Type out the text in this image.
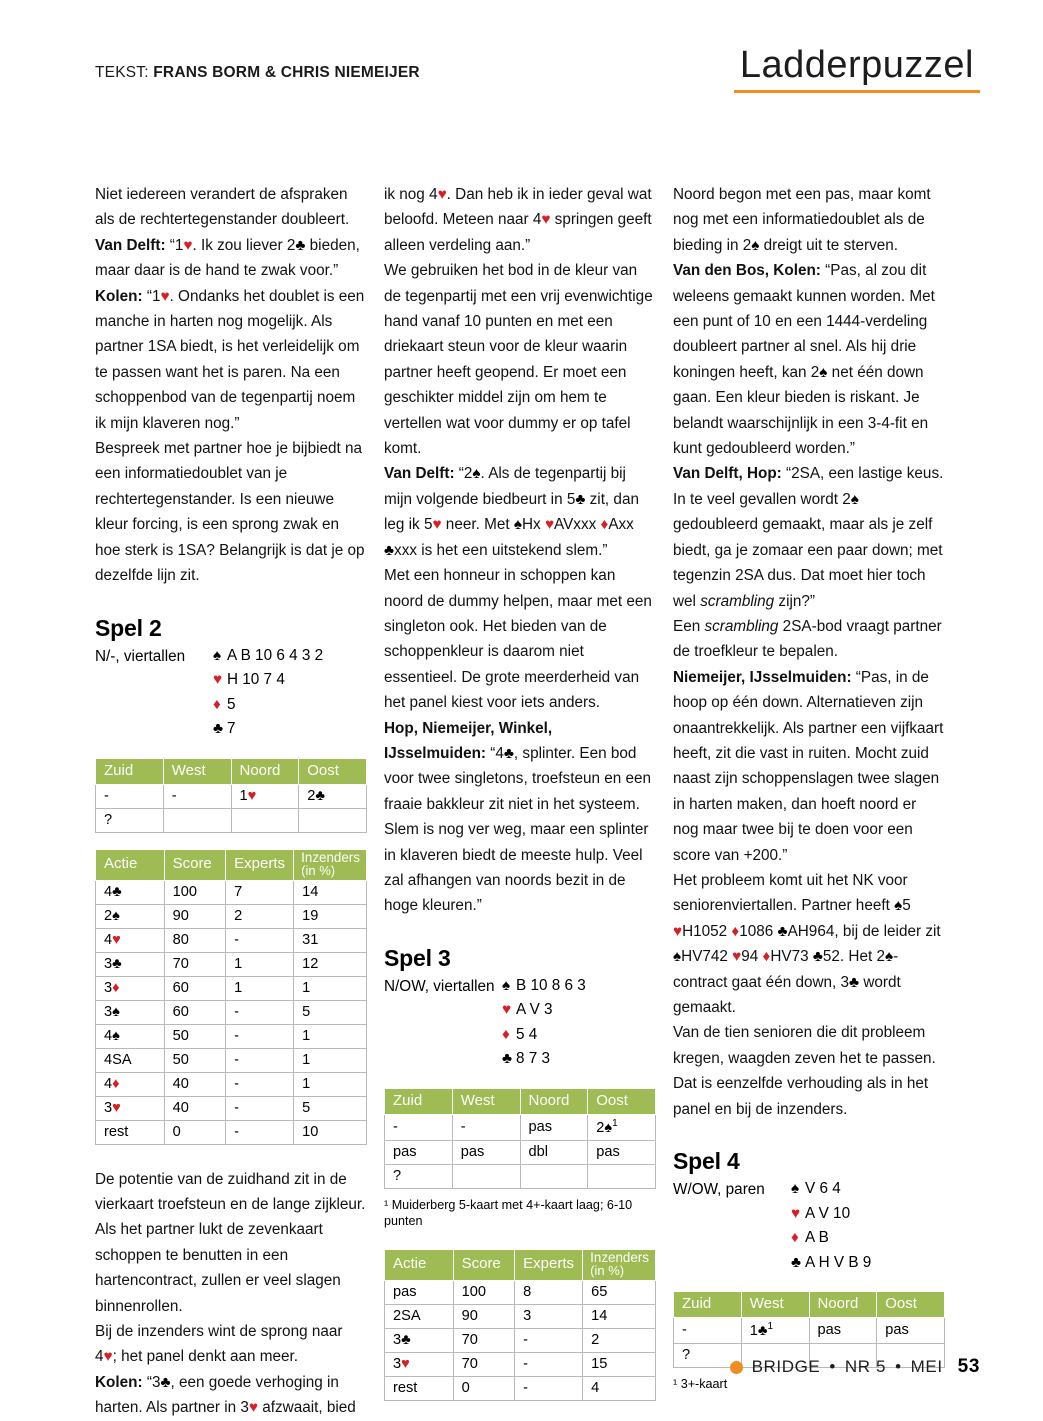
TEKST: FRANS BORM & CHRIS NIEMEIJER	Ladderpuzzel

Niet iedereen verandert de afspraken als de rechtertegenstander doubleert.

Van Delft: “1♥. Ik zou liever 2♣ bieden, maar daar is de hand te zwak voor.”

Kolen: “1♥. Ondanks het doublet is een manche in harten nog mogelijk. Als partner 1SA biedt, is het verleidelijk om te passen want het is paren. Na een schoppenbod van de tegenpartij noem ik mijn klaveren nog.”

Bespreek met partner hoe je bijbiedt na een informatiedoublet van je rechtertegenstander. Is een nieuwe kleur forcing, is een sprong zwak en hoe sterk is 1SA? Belangrijk is dat je op dezelfde lijn zit.

Spel 2
N/-, viertallen	♠ A B 10 6 4 3 2
♥ H 10 7 4
♦ 5
♣ 7
Zuid	West	Noord	Oost
-	-	1♥	2♣
?			
Actie	Score	Experts	Inzenders
(in %)

4♣	100	7	14
2♠	90	2	19
4♥	80	-	31
3♣	70	1	12
3♦	60	1	1
3♠	60	-	5
4♠	50	-	1
4SA	50	-	1
4♦	40	-	1
3♥	40	-	5
rest	0	-	10

De potentie van de zuidhand zit in de vierkaart troefsteun en de lange zijkleur. Als het partner lukt de zevenkaart schoppen te benutten in een hartencontract, zullen er veel slagen binnenrollen.

Bij de inzenders wint de sprong naar 4♥; het panel denkt aan meer.

Kolen: “3♣, een goede verhoging in harten. Als partner in 3♥ afzwaait, bied

ik nog 4♥. Dan heb ik in ieder geval wat beloofd. Meteen naar 4♥ springen geeft alleen verdeling aan.”

We gebruiken het bod in de kleur van de tegenpartij met een vrij evenwichtige hand vanaf 10 punten en met een driekaart steun voor de kleur waarin partner heeft geopend. Er moet een geschikter middel zijn om hem te vertellen wat voor dummy er op tafel komt.

Van Delft: “2♠. Als de tegenpartij bij mijn volgende biedbeurt in 5♣ zit, dan leg ik 5♥ neer. Met ♠Hx ♥AVxxx ♦Axx ♣xxx is het een uitstekend slem.”

Met een honneur in schoppen kan noord de dummy helpen, maar met een singleton ook. Het bieden van de schoppenkleur is daarom niet essentieel. De grote meerderheid van het panel kiest voor iets anders.

Hop, Niemeijer, Winkel, IJsselmuiden: “4♣, splinter. Een bod voor twee singletons, troefsteun en een fraaie bakkleur zit niet in het systeem. Slem is nog ver weg, maar een splinter in klaveren biedt de meeste hulp. Veel zal afhangen van noords bezit in de hoge kleuren.”

Spel 3
N/OW, viertallen ♠ B 10 8 6 3
♥ A V 3
♦ 5 4
♣ 8 7 3
Zuid	West	Noord	Oost
-	-	pas	2♠$^1$
pas	pas	dbl	pas
?			
¹ Muiderberg 5-kaart met 4+-kaart laag; 6-10 punten
Actie	Score	Experts	Inzenders
(in %)

pas	100	8	65
2SA	90	3	14
3♣	70	-	2
3♥	70	-	15
rest	0	-	4

Noord begon met een pas, maar komt nog met een informatiedoublet als de bieding in 2♠ dreigt uit te sterven.

Van den Bos, Kolen: “Pas, al zou dit weleens gemaakt kunnen worden. Met een punt of 10 en een 1444-verdeling doubleert partner al snel. Als hij drie koningen heeft, kan 2♠ net één down gaan. Een kleur bieden is riskant. Je belandt waarschijnlijk in een 3-4-fit en kunt gedoubleerd worden.”

Van Delft, Hop: “2SA, een lastige keus. In te veel gevallen wordt 2♠ gedoubleerd gemaakt, maar als je zelf biedt, ga je zomaar een paar down; met tegenzin 2SA dus. Dat moet hier toch wel scrambling zijn?”

Een scrambling 2SA-bod vraagt partner de troefkleur te bepalen.

Niemeijer, IJsselmuiden: “Pas, in de hoop op één down. Alternatieven zijn onaantrekkelijk. Als partner een vijfkaart heeft, zit die vast in ruiten. Mocht zuid naast zijn schoppenslagen twee slagen in harten maken, dan hoeft noord er nog maar twee bij te doen voor een score van +200.”

Het probleem komt uit het NK voor seniorenviertallen. Partner heeft ♠5 ♥H1052 ♦1086 ♣AH964, bij de leider zit ♠HV742 ♥94 ♦HV73 ♣52. Het 2♠-contract gaat één down, 3♣ wordt gemaakt.

Van de tien senioren die dit probleem kregen, waagden zeven het te passen. Dat is eenzelfde verhouding als in het panel en bij de inzenders.

Spel 4
W/OW, paren	♠ V 6 4
♥ A V 10
♦ A B
♣ A H V B 9
Zuid	West	Noord	Oost
-	1♣$^1$	pas	pas
?			
¹ 3+-kaart
BRIDGE • NR 5 • MEI 53
